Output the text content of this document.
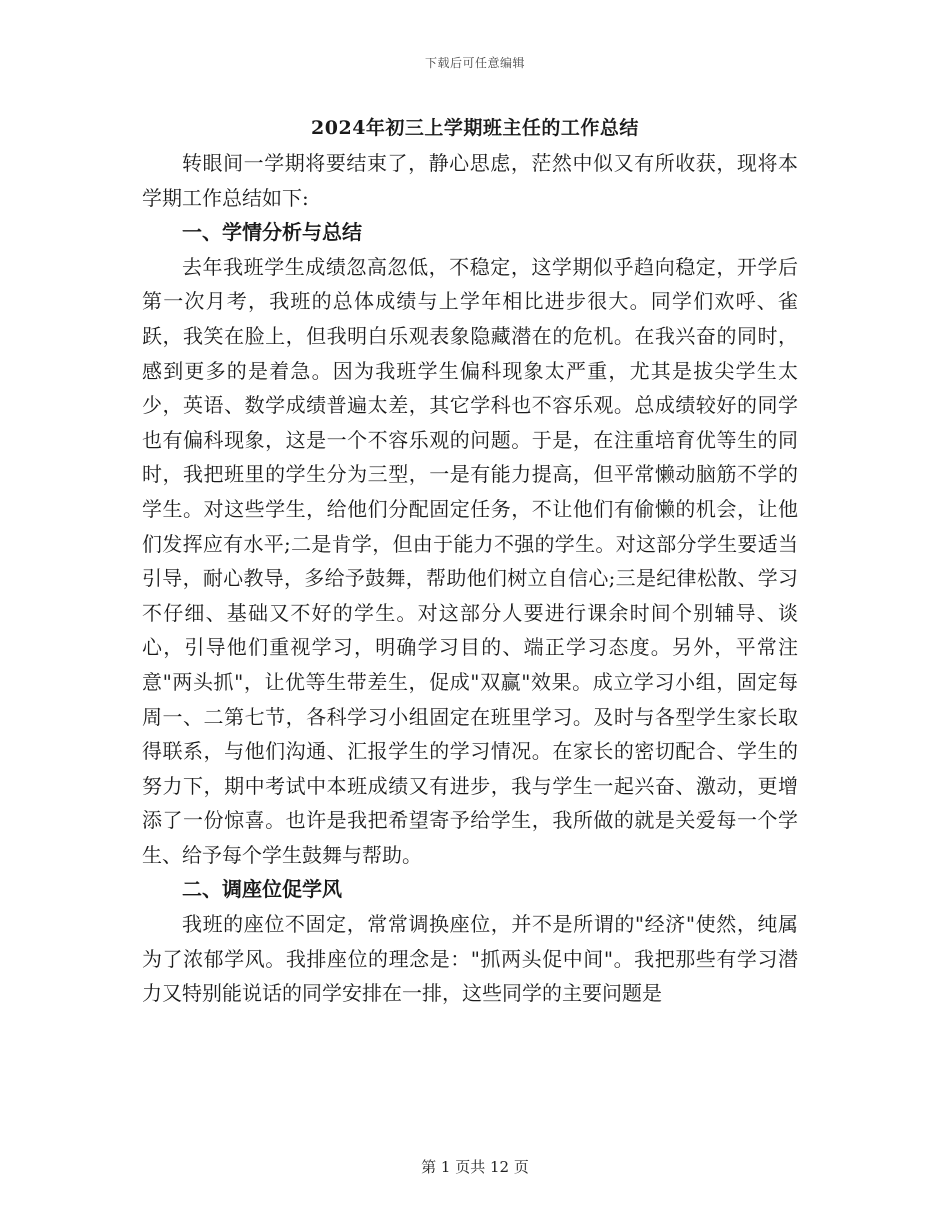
下载后可任意编辑
2024年初三上学期班主任的工作总结

转眼间一学期将要结束了，静心思虑，茫然中似又有所收获，现将本学期工作总结如下:

一、学情分析与总结

去年我班学生成绩忽高忽低，不稳定，这学期似乎趋向稳定，开学后第一次月考，我班的总体成绩与上学年相比进步很大。同学们欢呼、雀跃，我笑在脸上，但我明白乐观表象隐藏潜在的危机。在我兴奋的同时，感到更多的是着急。因为我班学生偏科现象太严重，尤其是拔尖学生太少，英语、数学成绩普遍太差，其它学科也不容乐观。总成绩较好的同学也有偏科现象，这是一个不容乐观的问题。于是，在注重培育优等生的同时，我把班里的学生分为三型，一是有能力提高，但平常懒动脑筋不学的学生。对这些学生，给他们分配固定任务，不让他们有偷懒的机会，让他们发挥应有水平;二是肯学，但由于能力不强的学生。对这部分学生要适当引导，耐心教导，多给予鼓舞，帮助他们树立自信心;三是纪律松散、学习不仔细、基础又不好的学生。对这部分人要进行课余时间个别辅导、谈心，引导他们重视学习，明确学习目的、端正学习态度。另外，平常注意"两头抓"，让优等生带差生，促成"双赢"效果。成立学习小组，固定每周一、二第七节，各科学习小组固定在班里学习。及时与各型学生家长取得联系，与他们沟通、汇报学生的学习情况。在家长的密切配合、学生的努力下，期中考试中本班成绩又有进步，我与学生一起兴奋、激动，更增添了一份惊喜。也许是我把希望寄予给学生，我所做的就是关爱每一个学生、给予每个学生鼓舞与帮助。

二、调座位促学风

我班的座位不固定，常常调换座位，并不是所谓的"经济"使然，纯属为了浓郁学风。我排座位的理念是："抓两头促中间"。我把那些有学习潜力又特别能说话的同学安排在一排，这些同学的主要问题是

第 1 页共 12 页
